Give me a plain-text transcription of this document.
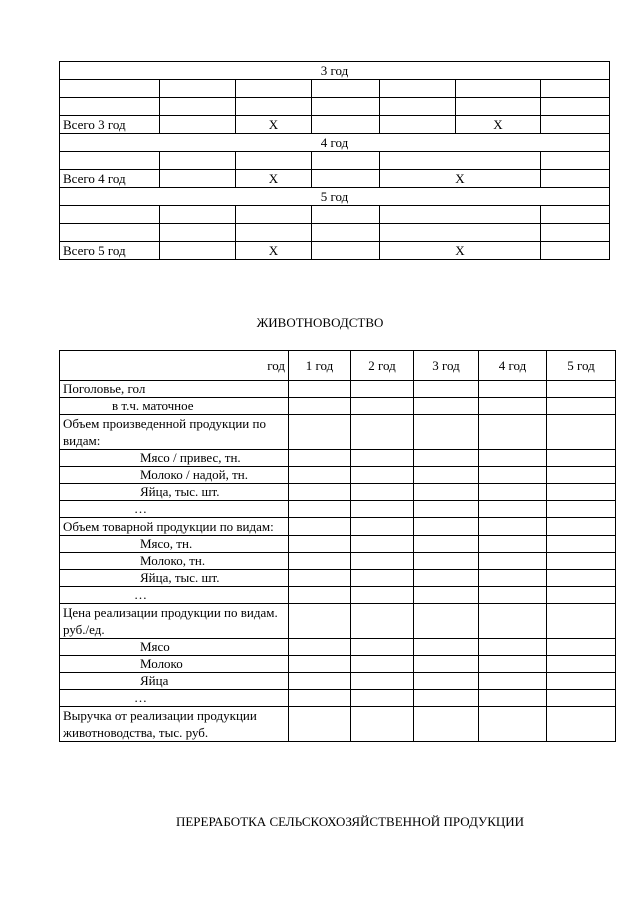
3 год						

Всего 3 год		Х			Х	
4 год						

Всего 4 год		Х		Х		
5 год						

Всего 5 год		Х		Х		
ЖИВОТНОВОДСТВО
год	1 год	2 год	3 год	4 год	5 год
Поголовье, гол					
в т.ч. маточное					
Объем произведенной продукции по видам:					
Мясо / привес, тн.					
Молоко / надой, тн.					
Яйца, тыс. шт.					
…					
Объем товарной продукции по видам:					
Мясо, тн.					
Молоко, тн.					
Яйца, тыс. шт.					
…					
Цена реализации продукции по видам. руб./ед.					
Мясо					
Молоко					
Яйца					
…					
Выручка от реализации продукции животноводства, тыс. руб.					
ПЕРЕРАБОТКА СЕЛЬСКОХОЗЯЙСТВЕННОЙ ПРОДУКЦИИ
